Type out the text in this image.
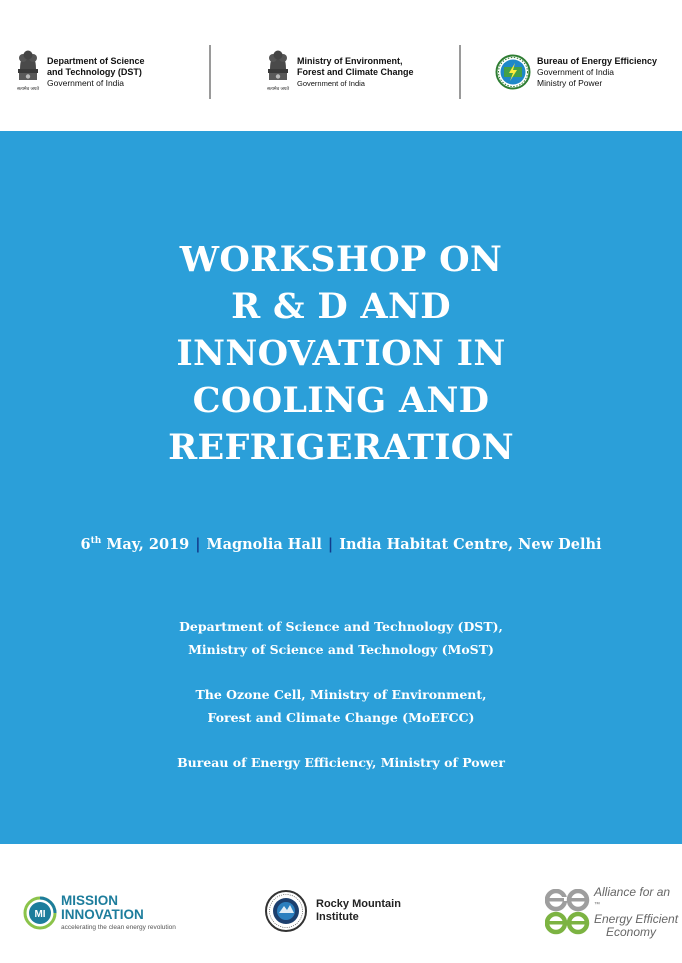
सत्यमेव जयते
Department of Science
and Technology (DST)
Government of India
सत्यमेव जयते
Ministry of Environment,
Forest and Climate Change
Government of India
Bureau of Energy Efficiency
Government of India
Ministry of Power
WORKSHOP ON
R & D AND
INNOVATION IN
COOLING AND
REFRIGERATION
6th May, 2019 | Magnolia Hall | India Habitat Centre, New Delhi
Department of Science and Technology (DST),
Ministry of Science and Technology (MoST)
The Ozone Cell, Ministry of Environment,
Forest and Climate Change (MoEFCC)
Bureau of Energy Efficiency, Ministry of Power
MI
MISSION
INNOVATION
accelerating the clean energy revolution
Rocky Mountain
Institute
Alliance for an
™
Energy Efficient
Economy
